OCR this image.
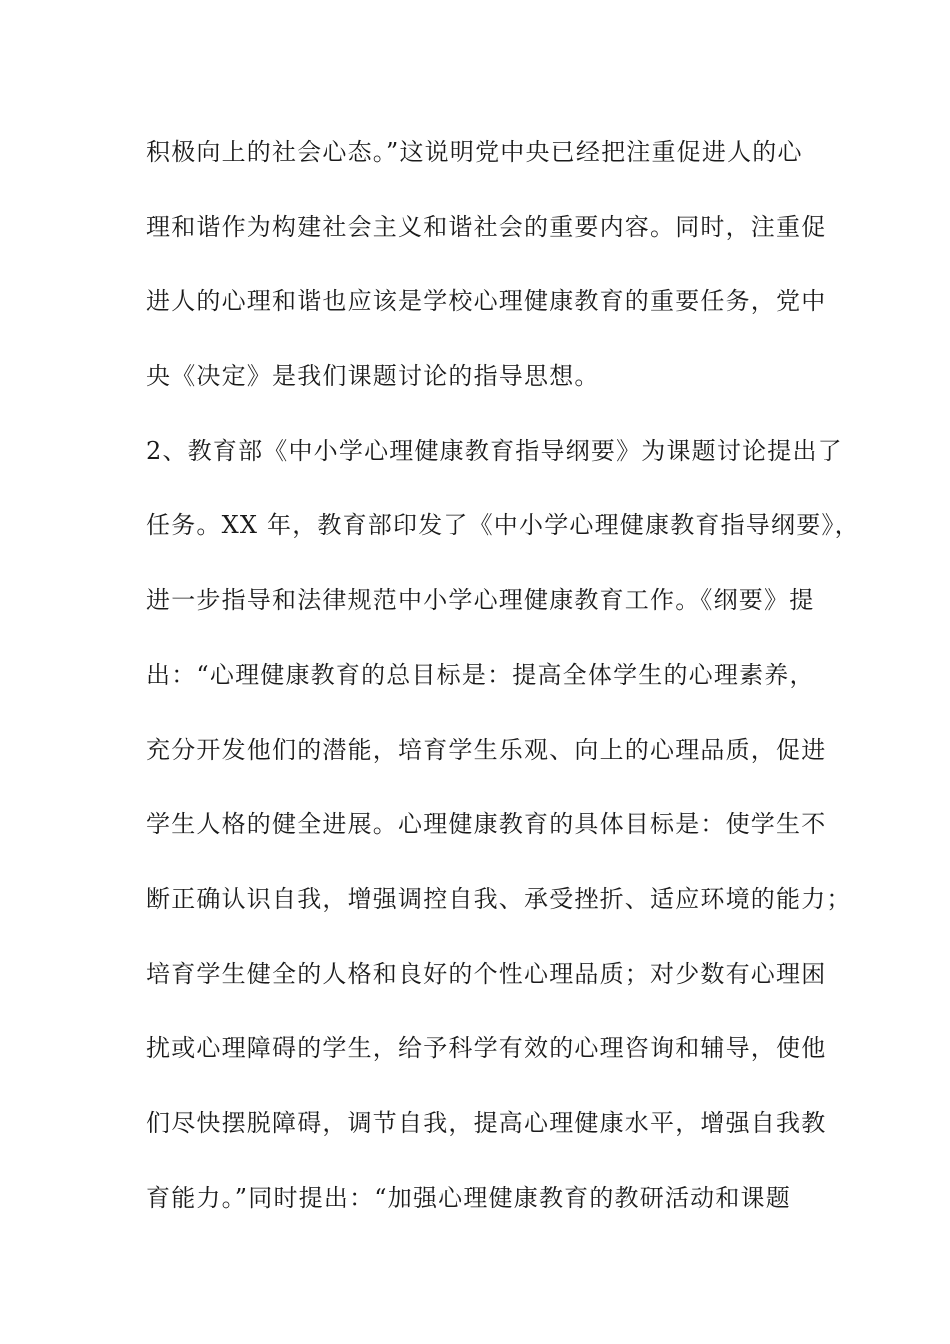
积极向上的社会心态。”这说明党中央已经把注重促进人的心
理和谐作为构建社会主义和谐社会的重要内容。同时，注重促
进人的心理和谐也应该是学校心理健康教育的重要任务，党中
央《决定》是我们课题讨论的指导思想。
2、教育部《中小学心理健康教育指导纲要》为课题讨论提出了
任务。XX 年，教育部印发了《中小学心理健康教育指导纲要》，
进一步指导和法律规范中小学心理健康教育工作。《纲要》提
出：“心理健康教育的总目标是：提高全体学生的心理素养，
充分开发他们的潜能，培育学生乐观、向上的心理品质，促进
学生人格的健全进展。心理健康教育的具体目标是：使学生不
断正确认识自我，增强调控自我、承受挫折、适应环境的能力；
培育学生健全的人格和良好的个性心理品质；对少数有心理困
扰或心理障碍的学生，给予科学有效的心理咨询和辅导，使他
们尽快摆脱障碍，调节自我，提高心理健康水平，增强自我教
育能力。”同时提出：“加强心理健康教育的教研活动和课题
